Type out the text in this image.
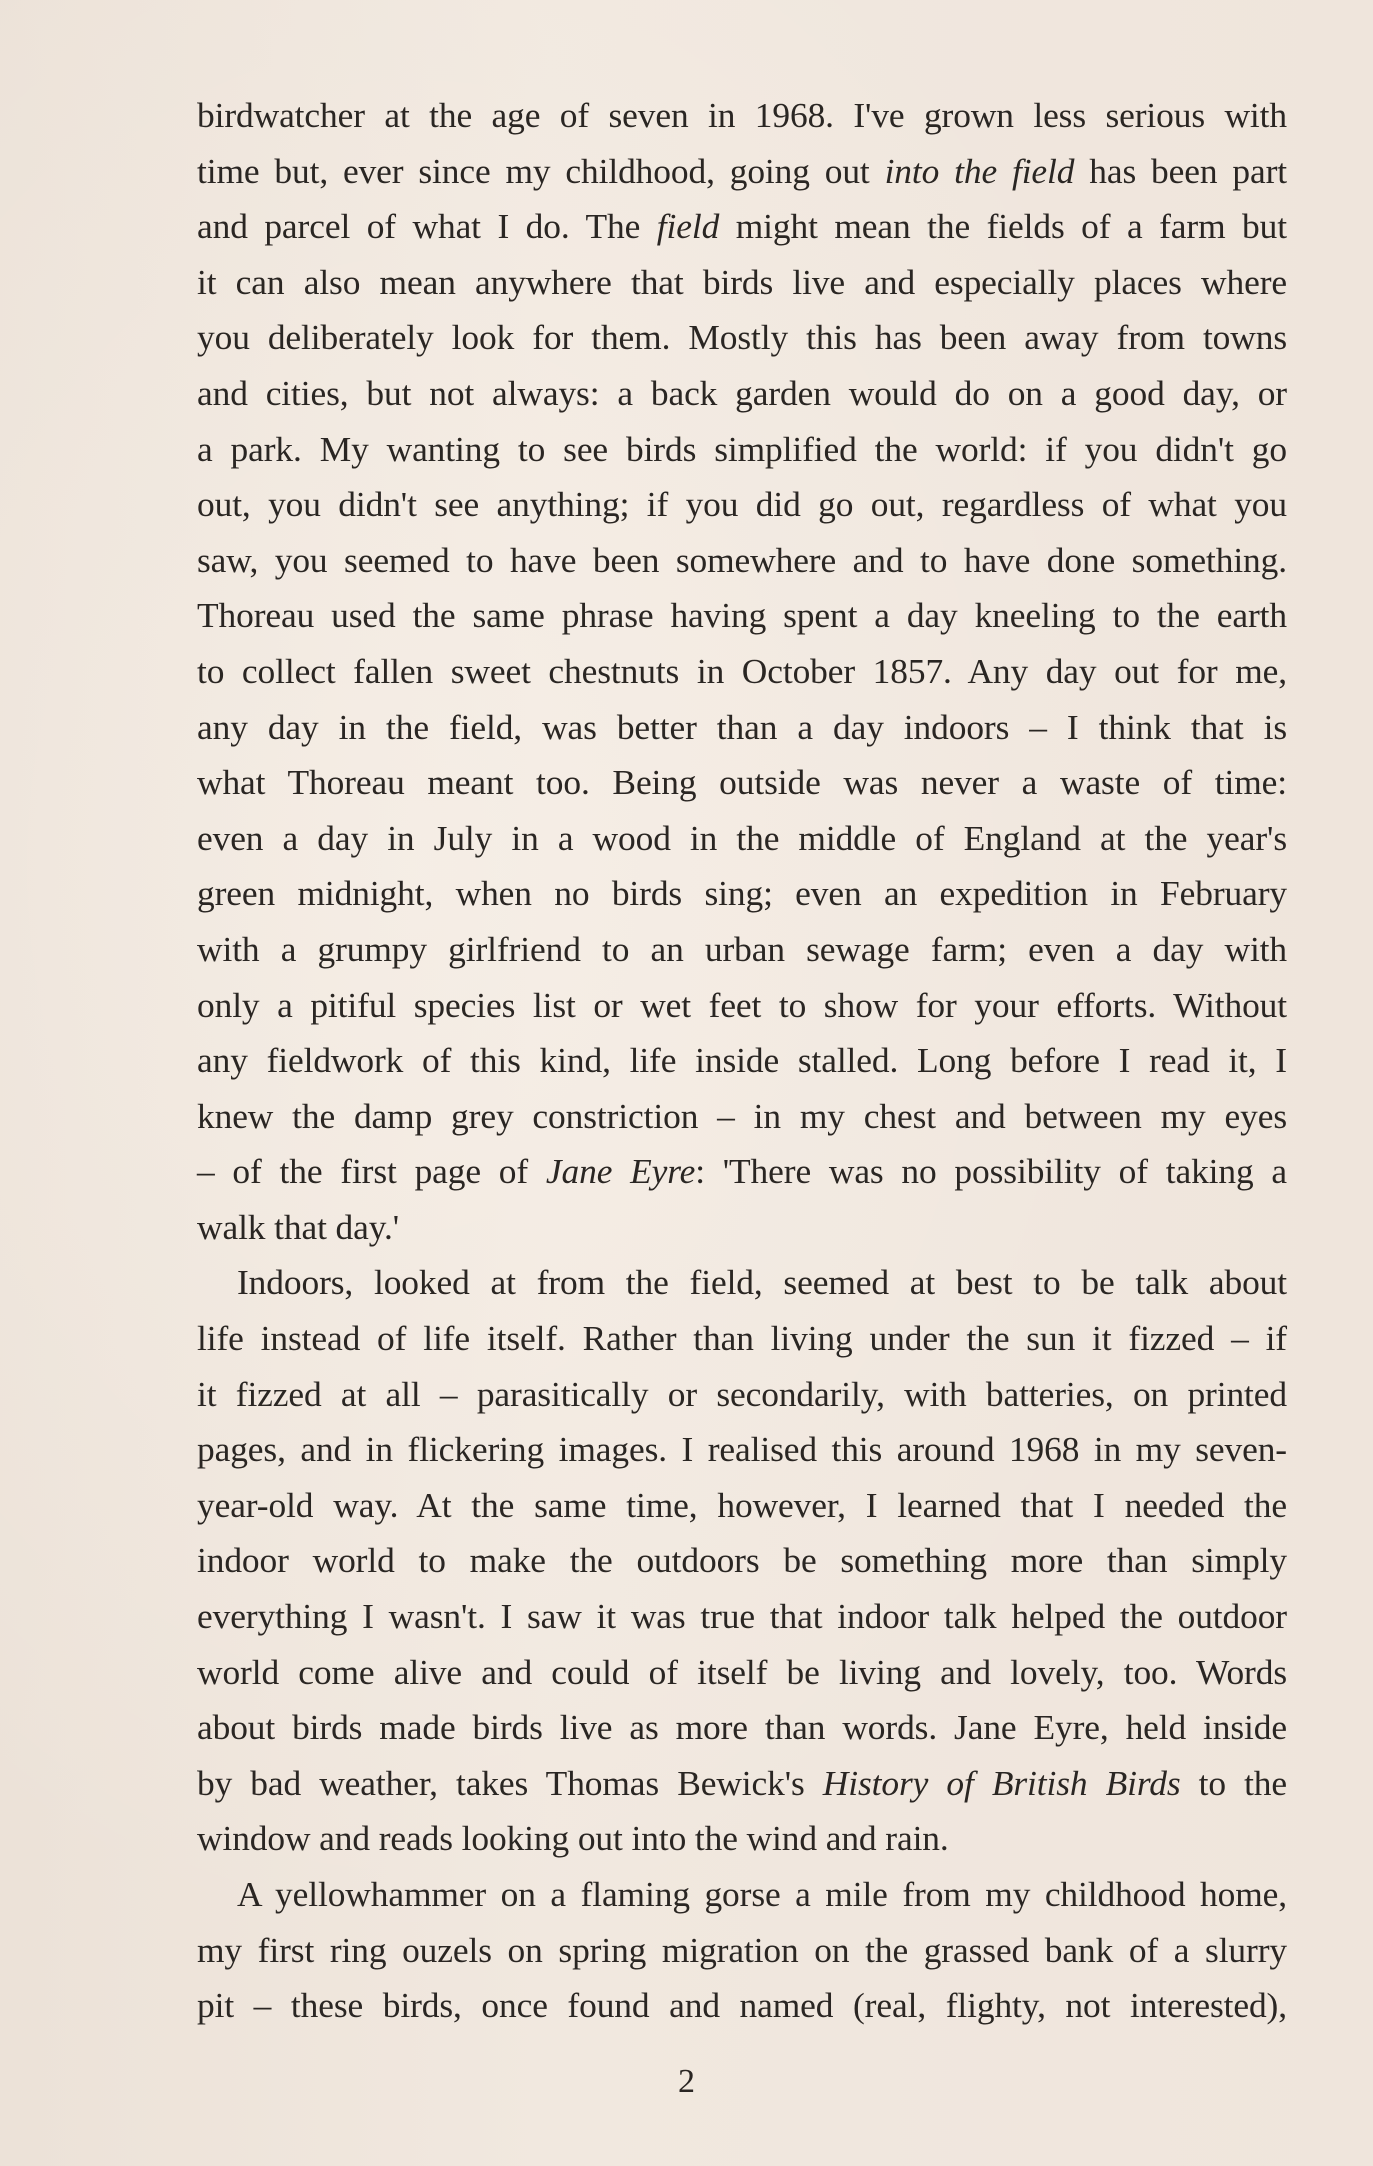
birdwatcher at the age of seven in 1968. I've grown less serious with
time but, ever since my childhood, going out into the field has been part
and parcel of what I do. The field might mean the fields of a farm but
it can also mean anywhere that birds live and especially places where
you deliberately look for them. Mostly this has been away from towns
and cities, but not always: a back garden would do on a good day, or
a park. My wanting to see birds simplified the world: if you didn't go
out, you didn't see anything; if you did go out, regardless of what you
saw, you seemed to have been somewhere and to have done something.
Thoreau used the same phrase having spent a day kneeling to the earth
to collect fallen sweet chestnuts in October 1857. Any day out for me,
any day in the field, was better than a day indoors – I think that is
what Thoreau meant too. Being outside was never a waste of time:
even a day in July in a wood in the middle of England at the year's
green midnight, when no birds sing; even an expedition in February
with a grumpy girlfriend to an urban sewage farm; even a day with
only a pitiful species list or wet feet to show for your efforts. Without
any fieldwork of this kind, life inside stalled. Long before I read it, I
knew the damp grey constriction – in my chest and between my eyes
– of the first page of Jane Eyre: 'There was no possibility of taking a
walk that day.'
Indoors, looked at from the field, seemed at best to be talk about
life instead of life itself. Rather than living under the sun it fizzed – if
it fizzed at all – parasitically or secondarily, with batteries, on printed
pages, and in flickering images. I realised this around 1968 in my seven-
year-old way. At the same time, however, I learned that I needed the
indoor world to make the outdoors be something more than simply
everything I wasn't. I saw it was true that indoor talk helped the outdoor
world come alive and could of itself be living and lovely, too. Words
about birds made birds live as more than words. Jane Eyre, held inside
by bad weather, takes Thomas Bewick's History of British Birds to the
window and reads looking out into the wind and rain.
A yellowhammer on a flaming gorse a mile from my childhood home,
my first ring ouzels on spring migration on the grassed bank of a slurry
pit – these birds, once found and named (real, flighty, not interested),
2
